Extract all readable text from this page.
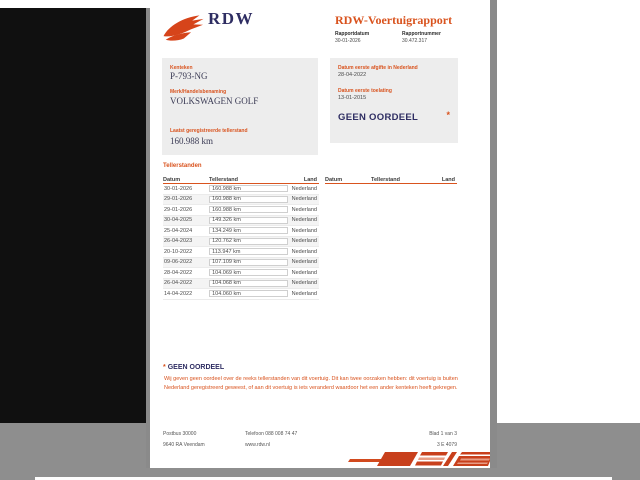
RDW	RDW-Voertuigrapport
Rapportdatum	Rapportnummer
30-01-2026	30.472.317
Kenteken
P-793-NG
Merk/Handelsbenaming
VOLKSWAGEN GOLF
Laatst geregistreerde tellerstand
160.988 km
Datum eerste afgifte in Nederland
28-04-2022
Datum eerste toelating
13-01-2015
GEEN OORDEEL	*
Tellerstanden
Datum	Tellerstand	Land
30-01-2026	160.988 km	Nederland
29-01-2026	160.988 km	Nederland
29-01-2026	160.988 km	Nederland
30-04-2025	149.326 km	Nederland
25-04-2024	134.249 km	Nederland
26-04-2023	120.762 km	Nederland
20-10-2022	113.947 km	Nederland
09-06-2022	107.109 km	Nederland
28-04-2022	104.069 km	Nederland
26-04-2022	104.068 km	Nederland
14-04-2022	104.060 km	Nederland
Datum	Tellerstand	Land
* GEEN OORDEEL
Wij geven geen oordeel over de reeks tellerstanden van dit voertuig. Dit kan twee oorzaken hebben: dit voertuig is buiten Nederland geregistreerd geweest, of aan dit voertuig is iets veranderd waardoor het een ander kenteken heeft gekregen.
Postbus 30000
9640 RA Veendam
Telefoon 088 008 74 47
www.rdw.nl
Blad 1 van 3
3 E 4079
